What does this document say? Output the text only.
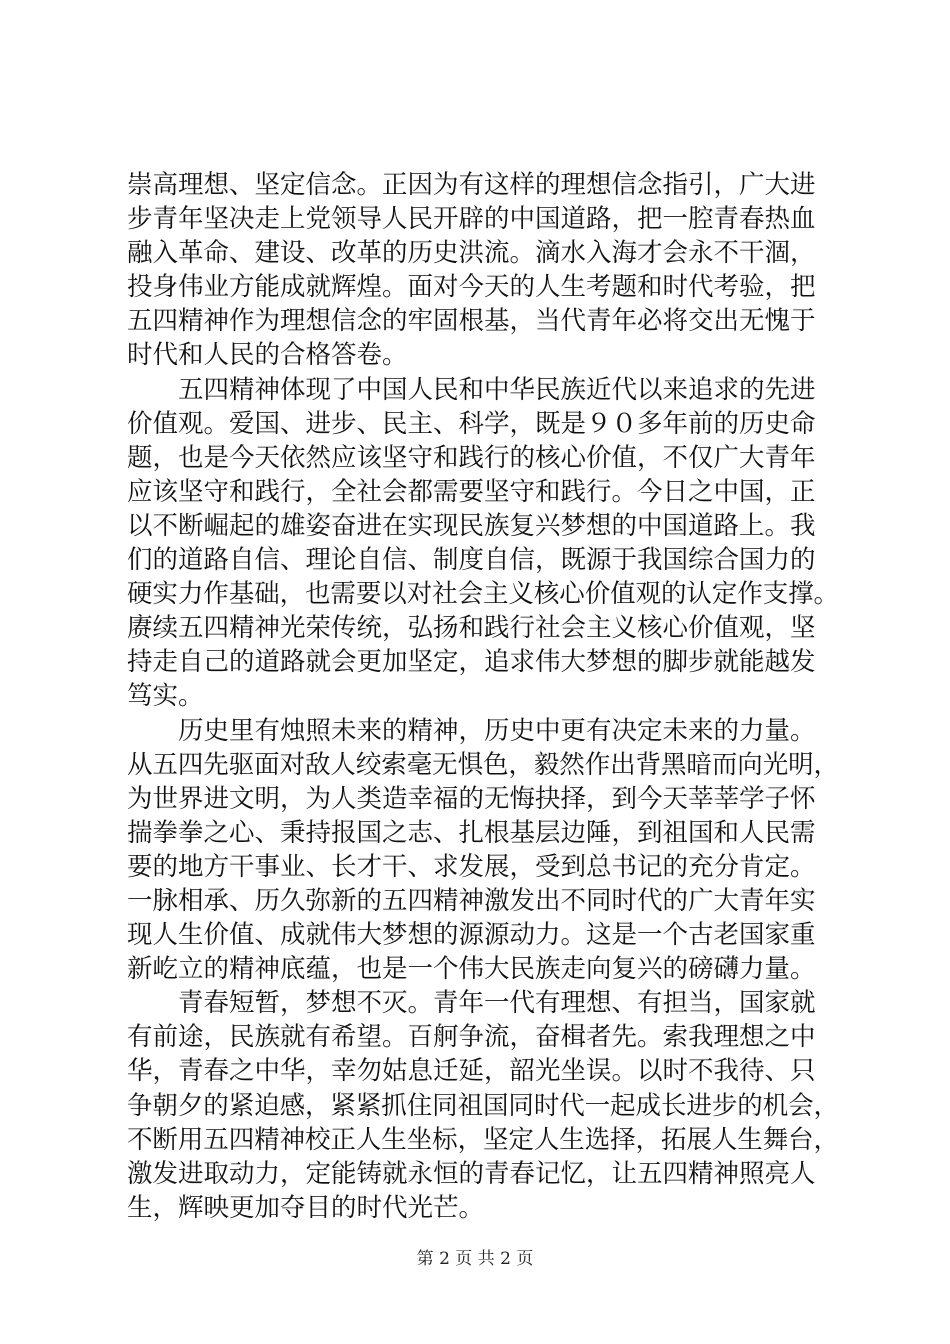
崇高理想、坚定信念。正因为有这样的理想信念指引，广大进
步青年坚决走上党领导人民开辟的中国道路，把一腔青春热血
融入革命、建设、改革的历史洪流。滴水入海才会永不干涸，
投身伟业方能成就辉煌。面对今天的人生考题和时代考验，把
五四精神作为理想信念的牢固根基，当代青年必将交出无愧于
时代和人民的合格答卷。
五四精神体现了中国人民和中华民族近代以来追求的先进
价值观。爱国、进步、民主、科学，既是９０多年前的历史命
题，也是今天依然应该坚守和践行的核心价值，不仅广大青年
应该坚守和践行，全社会都需要坚守和践行。今日之中国，正
以不断崛起的雄姿奋进在实现民族复兴梦想的中国道路上。我
们的道路自信、理论自信、制度自信，既源于我国综合国力的
硬实力作基础，也需要以对社会主义核心价值观的认定作支撑。
赓续五四精神光荣传统，弘扬和践行社会主义核心价值观，坚
持走自己的道路就会更加坚定，追求伟大梦想的脚步就能越发
笃实。
历史里有烛照未来的精神，历史中更有决定未来的力量。
从五四先驱面对敌人绞索毫无惧色，毅然作出背黑暗而向光明，
为世界进文明，为人类造幸福的无悔抉择，到今天莘莘学子怀
揣拳拳之心、秉持报国之志、扎根基层边陲，到祖国和人民需
要的地方干事业、长才干、求发展，受到总书记的充分肯定。
一脉相承、历久弥新的五四精神激发出不同时代的广大青年实
现人生价值、成就伟大梦想的源源动力。这是一个古老国家重
新屹立的精神底蕴，也是一个伟大民族走向复兴的磅礴力量。
青春短暂，梦想不灭。青年一代有理想、有担当，国家就
有前途，民族就有希望。百舸争流，奋楫者先。索我理想之中
华，青春之中华，幸勿姑息迁延，韶光坐误。以时不我待、只
争朝夕的紧迫感，紧紧抓住同祖国同时代一起成长进步的机会，
不断用五四精神校正人生坐标，坚定人生选择，拓展人生舞台，
激发进取动力，定能铸就永恒的青春记忆，让五四精神照亮人
生，辉映更加夺目的时代光芒。
第 2 页 共 2 页
